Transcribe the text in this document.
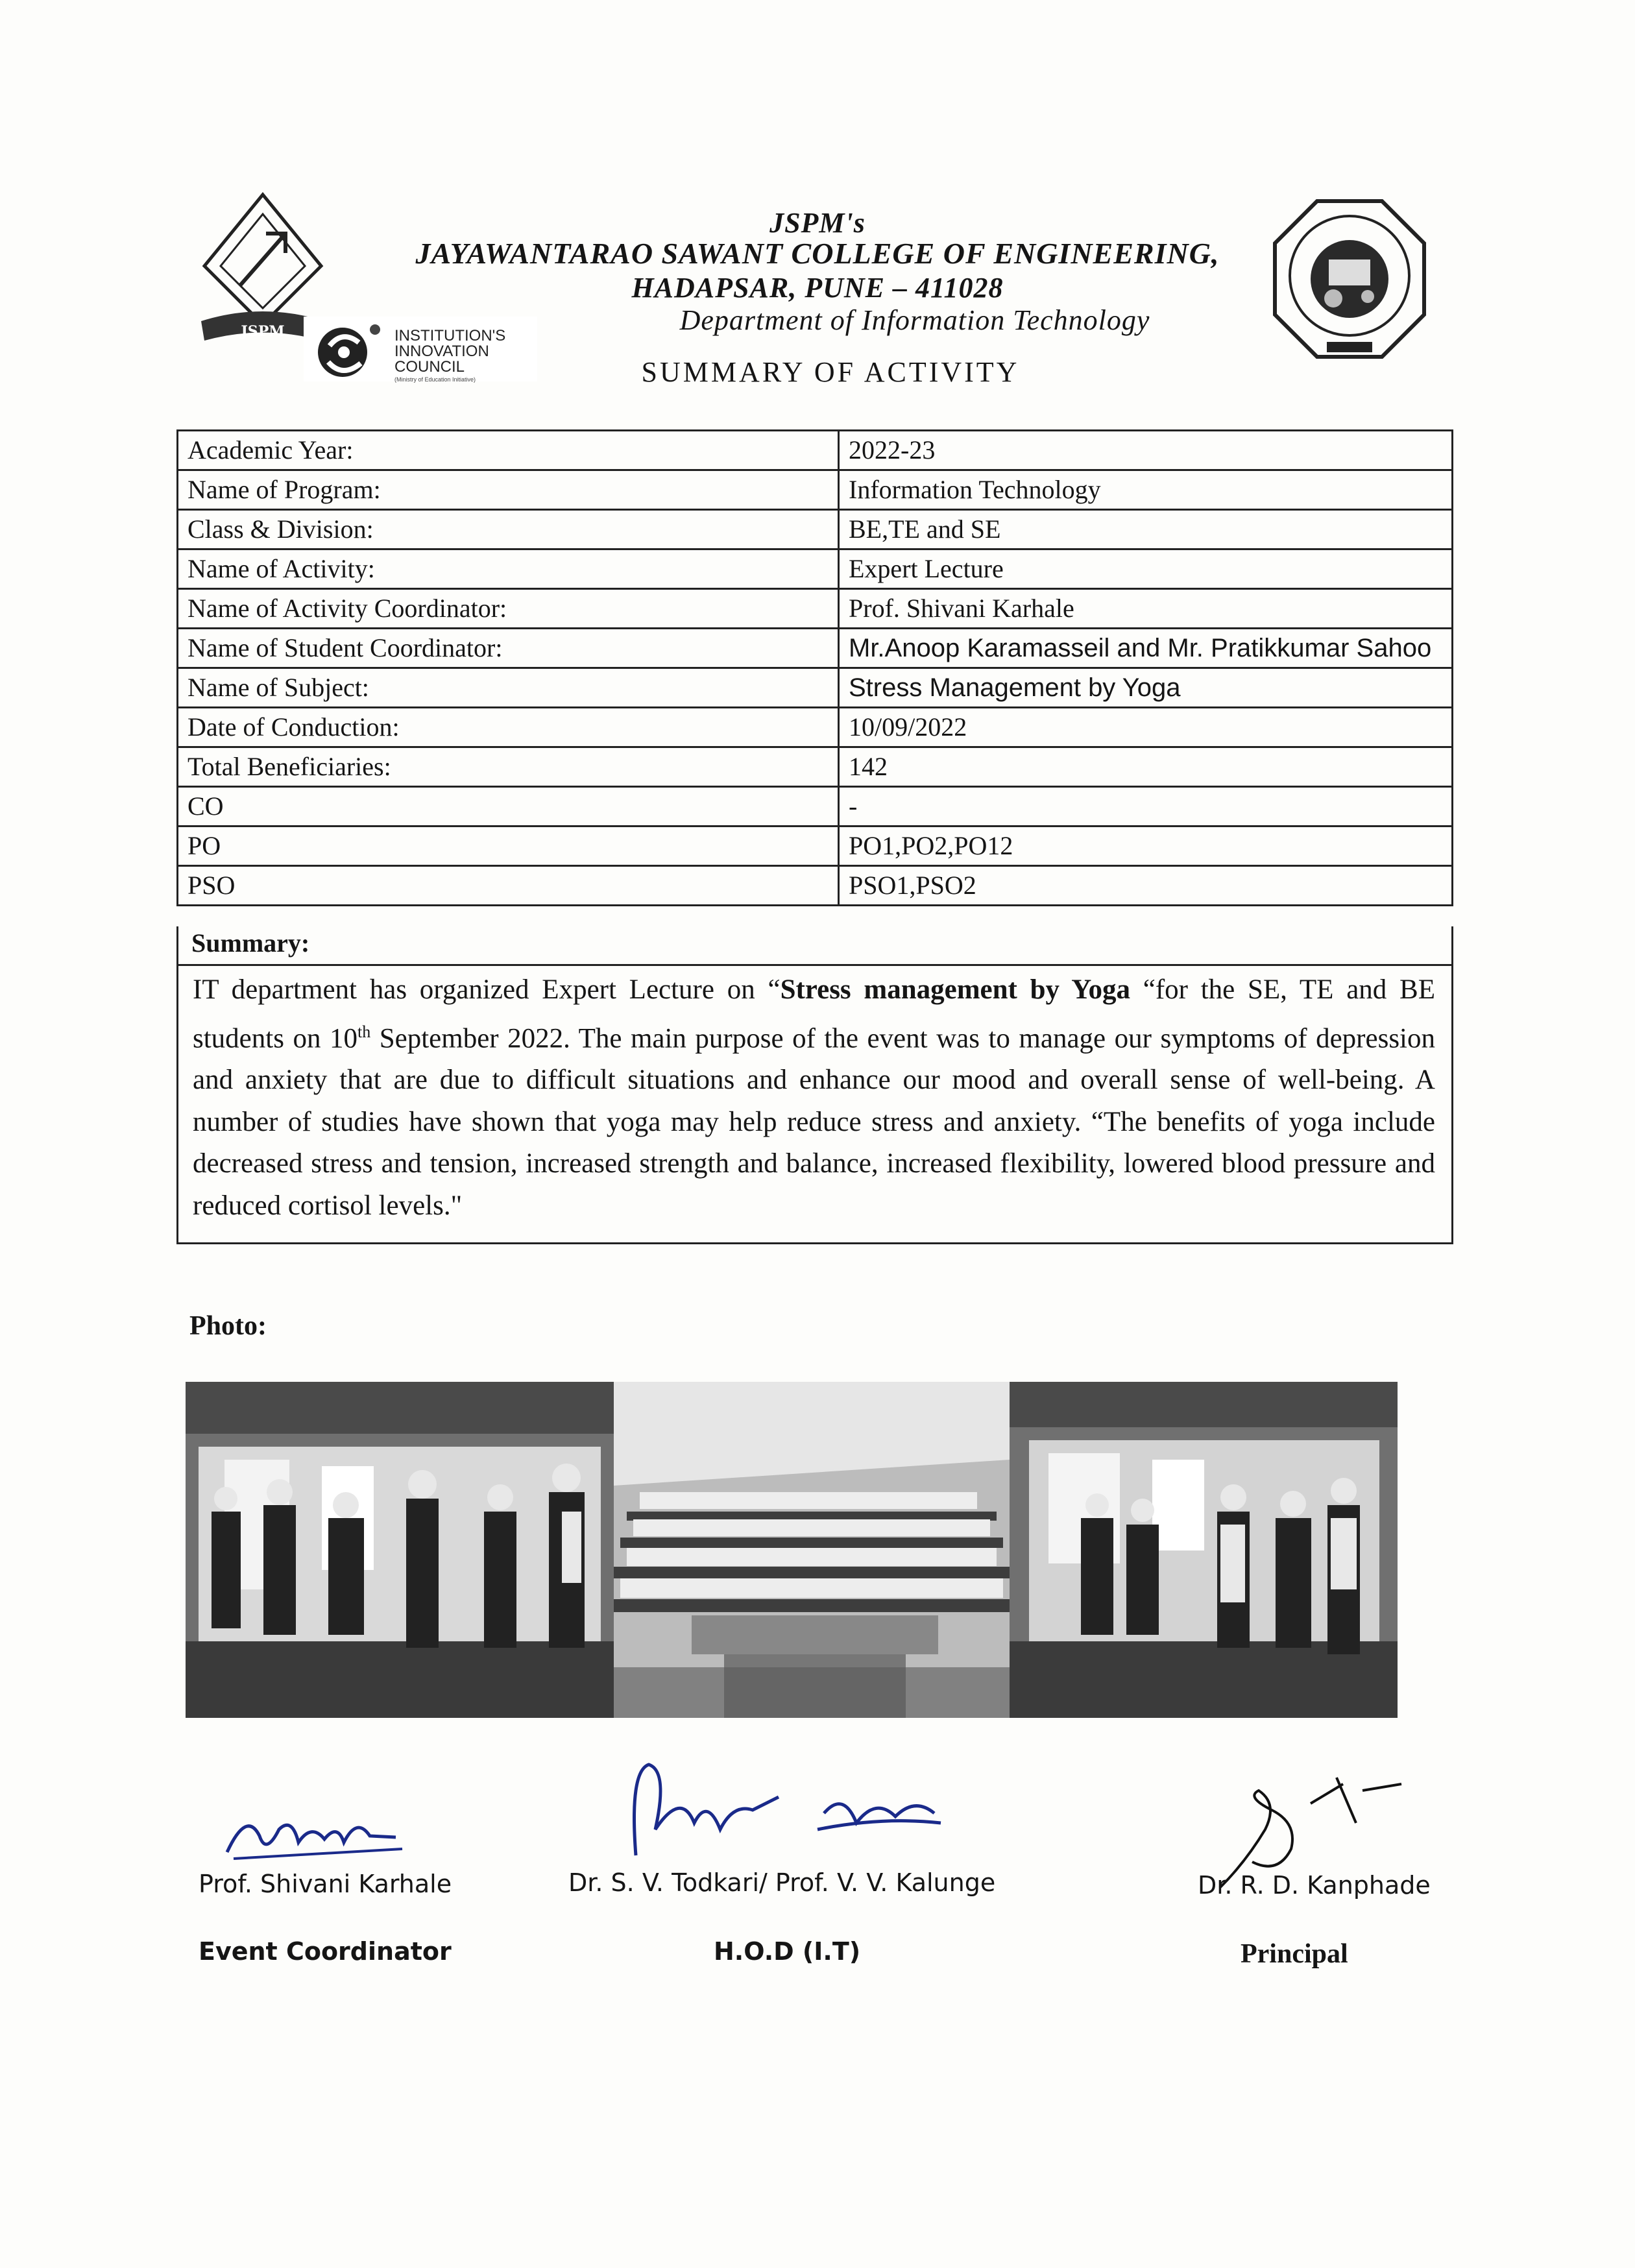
JSPM	INSTITUTION'S
INNOVATION
COUNCIL
(Ministry of Education Initiative)
JSPM's
JAYAWANTARAO SAWANT COLLEGE OF ENGINEERING,
HADAPSAR, PUNE – 411028
Department of Information Technology
SUMMARY OF ACTIVITY
Academic Year:	2022-23
Name of Program:	Information Technology
Class & Division:	BE,TE and SE
Name of Activity:	Expert Lecture
Name of Activity Coordinator:	Prof. Shivani Karhale
Name of Student Coordinator:	Mr.Anoop Karamasseil and Mr. Pratikkumar Sahoo
Name of Subject:	Stress Management by Yoga
Date of Conduction:	10/09/2022
Total Beneficiaries:	142
CO	-
PO	PO1,PO2,PO12
PSO	PSO1,PSO2
Summary:
IT department has organized Expert Lecture on “Stress management by Yoga “for the SE, TE and BE students on 10th September 2022. The main purpose of the event was to manage our symptoms of depression and anxiety that are due to difficult situations and enhance our mood and overall sense of well-being. A number of studies have shown that yoga may help reduce stress and anxiety. “The benefits of yoga include decreased stress and tension, increased strength and balance, increased flexibility, lowered blood pressure and reduced cortisol levels."
Photo:
Prof. Shivani Karhale
Event Coordinator
Dr. S. V. Todkari/ Prof. V. V. Kalunge
H.O.D (I.T)
Dr. R. D. Kanphade
Principal
